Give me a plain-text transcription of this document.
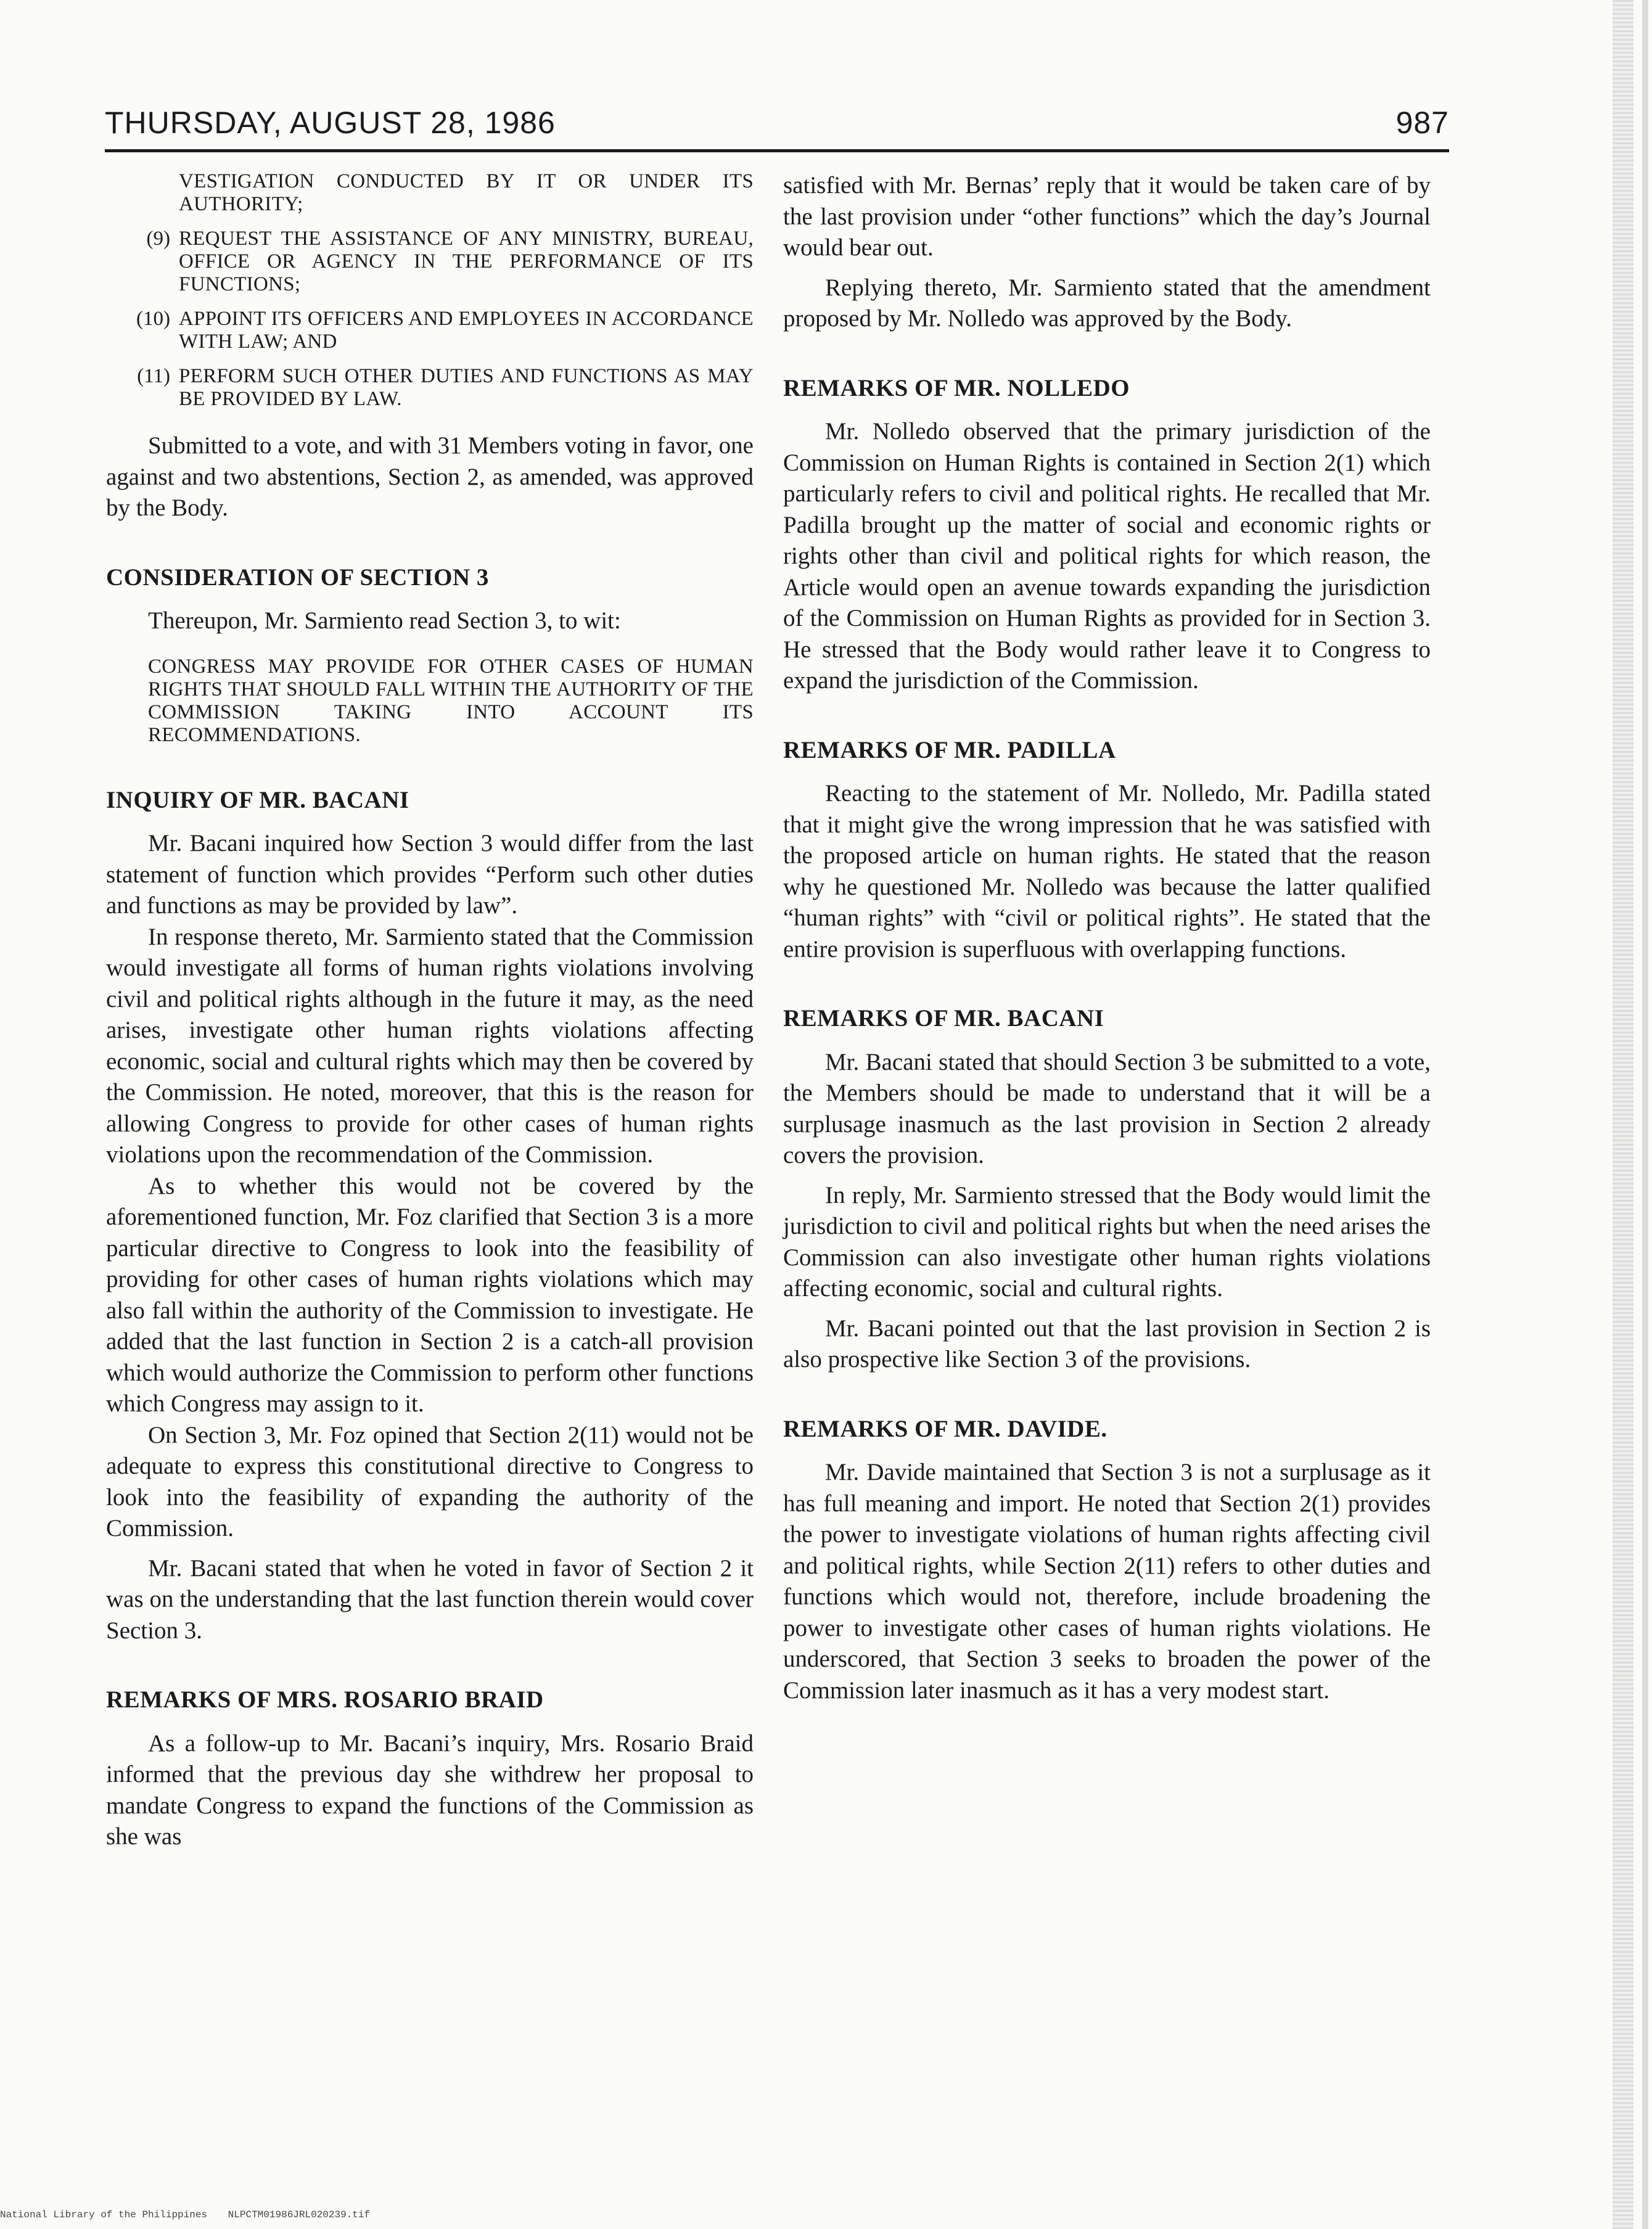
THURSDAY, AUGUST 28, 1986	987

VESTIGATION CONDUCTED BY IT OR UNDER ITS AUTHORITY;

(9) REQUEST THE ASSISTANCE OF ANY MINISTRY, BUREAU, OFFICE OR AGENCY IN THE PERFORMANCE OF ITS FUNCTIONS;
(10) APPOINT ITS OFFICERS AND EMPLOYEES IN ACCORDANCE WITH LAW; AND
(11) PERFORM SUCH OTHER DUTIES AND FUNCTIONS AS MAY BE PROVIDED BY LAW.

Submitted to a vote, and with 31 Members voting in favor, one against and two abstentions, Section 2, as amended, was approved by the Body.

CONSIDERATION OF SECTION 3

Thereupon, Mr. Sarmiento read Section 3, to wit:

CONGRESS MAY PROVIDE FOR OTHER CASES OF HUMAN RIGHTS THAT SHOULD FALL WITHIN THE AUTHORITY OF THE COMMISSION TAKING INTO ACCOUNT ITS RECOMMENDATIONS.

INQUIRY OF MR. BACANI

Mr. Bacani inquired how Section 3 would differ from the last statement of function which provides “Perform such other duties and functions as may be provided by law”.

In response thereto, Mr. Sarmiento stated that the Commission would investigate all forms of human rights violations involving civil and political rights although in the future it may, as the need arises, investigate other human rights violations affecting economic, social and cultural rights which may then be covered by the Commission. He noted, moreover, that this is the reason for allowing Congress to provide for other cases of human rights violations upon the recommendation of the Commission.

As to whether this would not be covered by the aforementioned function, Mr. Foz clarified that Section 3 is a more particular directive to Congress to look into the feasibility of providing for other cases of human rights violations which may also fall within the authority of the Commission to investigate. He added that the last function in Section 2 is a catch-all provision which would authorize the Commission to perform other functions which Congress may assign to it.

On Section 3, Mr. Foz opined that Section 2(11) would not be adequate to express this constitutional directive to Congress to look into the feasibility of expanding the authority of the Commission.

Mr. Bacani stated that when he voted in favor of Section 2 it was on the understanding that the last function therein would cover Section 3.

REMARKS OF MRS. ROSARIO BRAID

As a follow-up to Mr. Bacani’s inquiry, Mrs. Rosario Braid informed that the previous day she withdrew her proposal to mandate Congress to expand the functions of the Commission as she was

satisfied with Mr. Bernas’ reply that it would be taken care of by the last provision under “other functions” which the day’s Journal would bear out.

Replying thereto, Mr. Sarmiento stated that the amendment proposed by Mr. Nolledo was approved by the Body.

REMARKS OF MR. NOLLEDO

Mr. Nolledo observed that the primary jurisdiction of the Commission on Human Rights is contained in Section 2(1) which particularly refers to civil and political rights. He recalled that Mr. Padilla brought up the matter of social and economic rights or rights other than civil and political rights for which reason, the Article would open an avenue towards expanding the jurisdiction of the Commission on Human Rights as provided for in Section 3. He stressed that the Body would rather leave it to Congress to expand the jurisdiction of the Commission.

REMARKS OF MR. PADILLA

Reacting to the statement of Mr. Nolledo, Mr. Padilla stated that it might give the wrong impression that he was satisfied with the proposed article on human rights. He stated that the reason why he questioned Mr. Nolledo was because the latter qualified “human rights” with “civil or political rights”. He stated that the entire provision is superfluous with overlapping functions.

REMARKS OF MR. BACANI

Mr. Bacani stated that should Section 3 be submitted to a vote, the Members should be made to understand that it will be a surplusage inasmuch as the last provision in Section 2 already covers the provision.

In reply, Mr. Sarmiento stressed that the Body would limit the jurisdiction to civil and political rights but when the need arises the Commission can also investigate other human rights violations affecting economic, social and cultural rights.

Mr. Bacani pointed out that the last provision in Section 2 is also prospective like Section 3 of the provisions.

REMARKS OF MR. DAVIDE.

Mr. Davide maintained that Section 3 is not a surplusage as it has full meaning and import. He noted that Section 2(1) provides the power to investigate violations of human rights affecting civil and political rights, while Section 2(11) refers to other duties and functions which would not, therefore, include broadening the power to investigate other cases of human rights violations. He underscored, that Section 3 seeks to broaden the power of the Commission later inasmuch as it has a very modest start.

National Library of the Philippines NLPCTM01986JRL020239.tif
